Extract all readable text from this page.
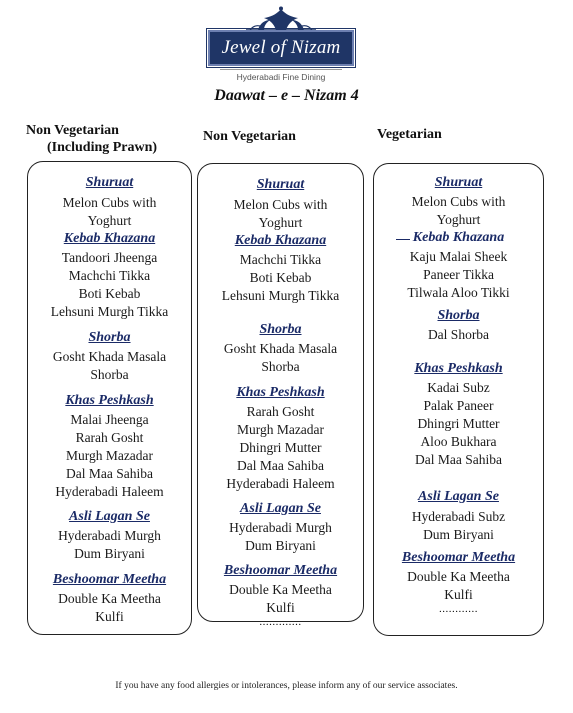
Jewel of Nizam
Hyderabadi Fine Dining
Daawat – e – Nizam 4
Non Vegetarian
(Including Prawn)
Non Vegetarian	Vegetarian
Shuruat
Melon Cubs with
Yoghurt
Kebab Khazana
Tandoori Jheenga
Machchi Tikka
Boti Kebab
Lehsuni Murgh Tikka
Shorba
Gosht Khada Masala
Shorba
Khas Peshkash
Malai Jheenga
Rarah Gosht
Murgh Mazadar
Dal Maa Sahiba
Hyderabadi Haleem
Asli Lagan Se
Hyderabadi Murgh
Dum Biryani
Beshoomar Meetha
Double Ka Meetha
Kulfi
Shuruat
Melon Cubs with
Yoghurt
Kebab Khazana
Machchi Tikka
Boti Kebab
Lehsuni Murgh Tikka
Shorba
Gosht Khada Masala
Shorba
Khas Peshkash
Rarah Gosht
Murgh Mazadar
Dhingri Mutter
Dal Maa Sahiba
Hyderabadi Haleem
Asli Lagan Se
Hyderabadi Murgh
Dum Biryani
Beshoomar Meetha
Double Ka Meetha
Kulfi
.............
Shuruat
Melon Cubs with
Yoghurt
Kebab Khazana
Kaju Malai Sheek
Paneer Tikka
Tilwala Aloo Tikki
Shorba
Dal Shorba
Khas Peshkash
Kadai Subz
Palak Paneer
Dhingri Mutter
Aloo Bukhara
Dal Maa Sahiba
Asli Lagan Se
Hyderabadi Subz
Dum Biryani
Beshoomar Meetha
Double Ka Meetha
Kulfi
............
If you have any food allergies or intolerances, please inform any of our service associates.
